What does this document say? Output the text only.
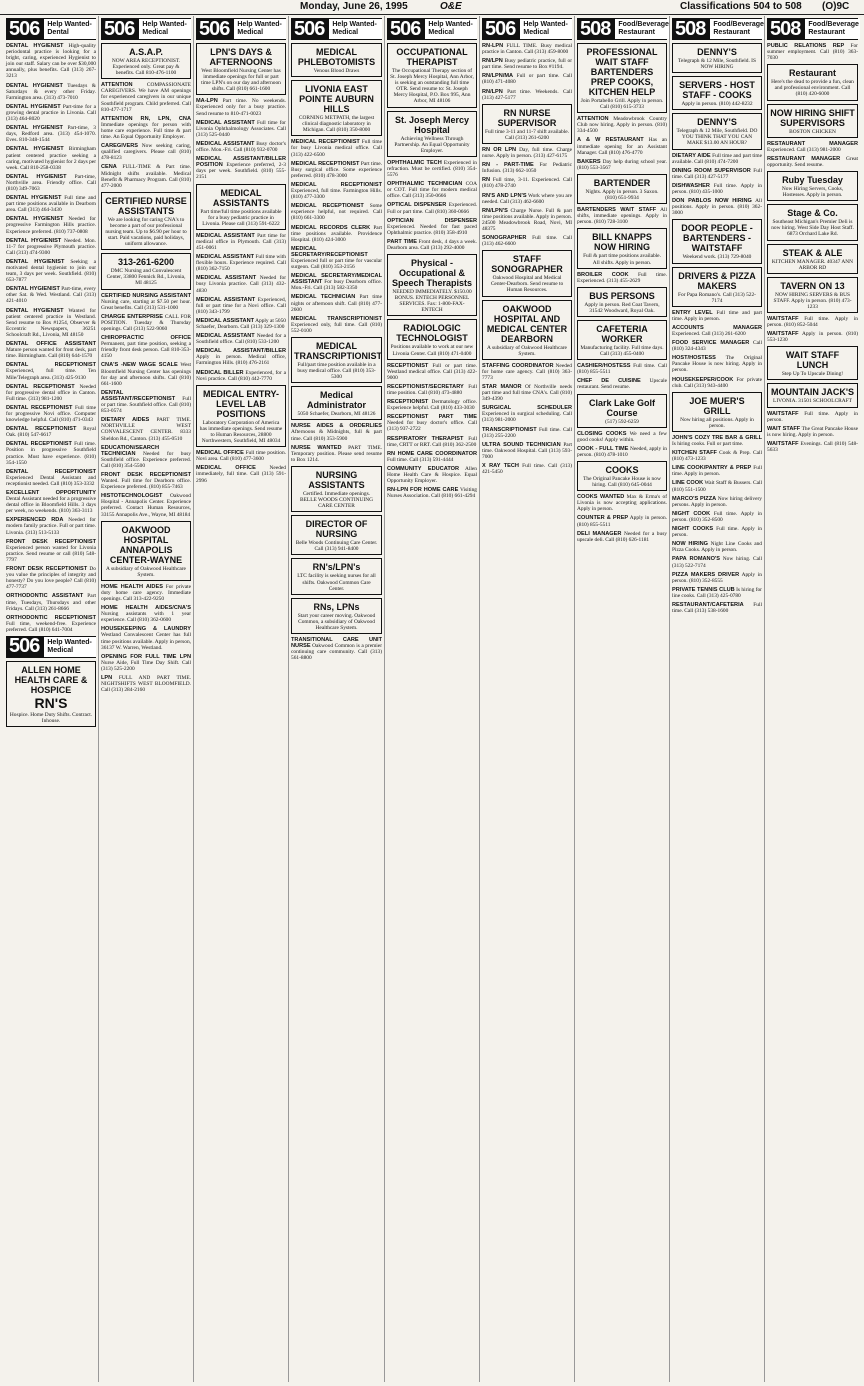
Monday, June 26, 1995	O&E	Classifications 504 to 508 (O)9C
506	Help Wanted-Dental
DENTAL HYGIENIST High-quality periodontal practice is looking for a bright, caring, experienced Hygienist to join our staff. Salary can be over $30,000 annually, plus benefits. Call (313) 267-3213
DENTAL HYGIENIST Tuesdays & Saturdays & every other Friday. Farmington area. (313) 473-7010
DENTAL HYGIENIST Part-time for a growing dental practice in Livonia. Call (313) 464-8020
DENTAL HYGIENIST Part-time, 3 days, Redford area. (313) 454-1070. Eves. 810-348-1544
DENTAL HYGIENIST Birmingham patient centered practice seeking a caring, motivated hygienist for 2 days per week. Call 810-258-0338
DENTAL HYGIENIST Part-time, Northville area. Friendly office. Call (810) 349-7063
DENTAL HYGIENIST Full time and part time positions available in Dearborn area. Call (313) 464-3430
DENTAL HYGIENIST Needed for progressive Farmington Hills practice. Experience preferred. (810) 737-0808
DENTAL HYGIENIST Needed. Mon. 11-7 for progressive Plymouth practice. Call (313) 474-9300
DENTAL HYGIENIST Seeking a motivated dental hygienist to join our team, 3 days per week. Southfield. (810) 653-7877
DENTAL HYGIENIST Part-time, every other Sat. & Wed. Westland. Call (313) 421-4010
DENTAL HYGIENIST Wanted for patient centered practice in Westland. Send resume to Box #1254, Observer & Eccentric Newspapers, 36251 Schoolcraft Rd., Livonia, MI 48150
DENTAL OFFICE ASSISTANT Mature person wanted for front desk, part time. Birmingham. Call (810) 644-1570
DENTAL RECEPTIONIST Experienced, full time. Ten Mile/Telegraph area. (313) 425-9130
DENTAL RECEPTIONIST Needed for progressive dental office in Canton. Full time. (313) 981-1200
DENTAL RECEPTIONIST Full time for progressive Novi office. Computer knowledge helpful. Call (810) 471-0343
DENTAL RECEPTIONIST Royal Oak. (810) 547-6617
DENTAL RECEPTIONIST Full time. Position in progressive Southfield practice. Must have experience. (810) 354-1550
DENTAL RECEPTIONIST Experienced Dental Assistant and receptionist needed. Call (810) 353-3332
EXCELLENT OPPORTUNITY Dental Assistant needed for a progressive dental office in Bloomfield Hills. 3 days per week, no weekends. (810) 363-3113
EXPERIENCED RDA Needed for modern family practice. Full or part time. Livonia. (313) 513-5133
FRONT DESK RECEPTIONIST Experienced person wanted for Livonia practice. Send resume or call (810) 548-7797
FRONT DESK RECEPTIONIST Do you value the principles of integrity and honesty? Do you love people? Call (810) 477-7737
ORTHODONTIC ASSISTANT Part time, Tuesdays, Thursdays and other Fridays. Call (313) 261-8666
ORTHODONTIC RECEPTIONIST Full time, weekend-free. Experience preferred. Call (810) 641-7004
506	Help Wanted-Medical
ALLEN HOME HEALTH CARE & HOSPICE
RN'S
Hospice. Home Duty Shifts. Contract. Inhouse.
506	Help Wanted-Medical
A.S.A.P.
NOW AREA RECEPTIONIST. Experienced only. Great pay & benefits. Call 810-476-1100
ATTENTION	COMPASSIONATE CAREGIVERS. We have AM openings for experienced caregivers in our unique Southfield program. Child preferred. Call 810-477-1717
ATTENTION RN, LPN, CNA Immediate openings for person with home care experience. Full time & part time. An Equal Opportunity Employer.
CAREGIVERS Now seeking caring, qualified caregivers. Please call (810) 478-8123
CENA FULL-TIME & Part time. Midnight shifts available. Medical Benefit & Pharmacy Program. Call (810) 477-2000
CERTIFIED NURSE ASSISTANTS
We are looking for caring CNA's to become a part of our professional nursing team. Up to $6.90 per hour to start. Paid vacations, paid holidays, uniform allowance.
313-261-6200
DMC Nursing and Convalescent Center, 33800 Fennick Rd., Livonia, MI 48125
CERTIFIED NURSING ASSISTANT Nursing care, starting at $7.50 per hour. Great benefits. Call (313) 531-1000
CHARGE ENTERPRISE CALL FOR POSITION. Tuesday & Thursday openings. Call (313) 522-9060
CHIROPRACTIC OFFICE Permanent, part time position, seeking a friendly front desk person. Call 810-353-4150
CNA'S -NEW WAGE SCALE West Bloomfield Nursing Center has openings for day and afternoon shifts. Call (810) 661-1600
DENTAL ASSISTANT/RECEPTIONIST Full or part time. Southfield office. Call (810) 853-0574
DIETARY AIDES PART TIME. NORTHVILLE WEST CONVALESCENT CENTER. 8333 Sheldon Rd., Canton. (313) 455-0510
EDUCATION/SEARCH TECHNICIAN Needed for busy Southfield office. Experience preferred. Call (810) 354-5500
FRONT DESK RECEPTIONIST Wanted. Full time for Dearborn office. Experience preferred. (810) 855-7463
HISTOTECHNOLOGIST Oakwood Hospital - Annapolis Center. Experience preferred. Contact Human Resources, 33155 Annapolis Ave., Wayne, MI 48184
OAKWOOD HOSPITAL ANNAPOLIS CENTER-WAYNE
A subsidiary of Oakwood Healthcare System.
HOME HEALTH AIDES For private duty home care agency. Immediate openings. Call 313-422-9250
HOME HEALTH AIDES/CNA'S Nursing assistants with 1 year experience. Call (810) 362-0600
HOUSEKEEPING & LAUNDRY Westland Convalescent Center has full time positions available. Apply in person, 36137 W. Warren, Westland.
OPENING FOR FULL TIME LPN Nurse Aide, Full Time Day Shift. Call (313) 525-2200
LPN FULL AND PART TIME. NIGHTSHIFTS WEST BLOOMFIELD. Call (313) 284-2160
506	Help Wanted-Medical
LPN'S DAYS & AFTERNOONS
West Bloomfield Nursing Center has immediate openings for full or part time LPN's on our day and afternoon shifts. Call (810) 661-1600
MA-LPN Part time. No weekends. Experienced only for a busy practice. Send resume to 810-471-0023
MEDICAL ASSISTANT Full time for Livonia Ophthalmology Associates. Call (313) 525-0440
MEDICAL ASSISTANT Busy doctor's office. Mon.-Fri. Call (810) 932-0700
MEDICAL ASSISTANT/BILLER POSITION Experience preferred, 2-3 days per week. Southfield. (810) 555-2151
MEDICAL ASSISTANTS
Part time/full time positions available for a busy pediatric practice in Livonia. Please call (313) 591-6222
MEDICAL ASSISTANT Part time for medical office in Plymouth. Call (313) 451-0061
MEDICAL ASSISTANT Full time with flexible hours. Experience required. Call (810) 362-7150
MEDICAL ASSISTANT Needed for busy Livonia practice. Call (313) 432-4830
MEDICAL ASSISTANT Experienced, full or part time for a Novi office. Call (810) 343-1799
MEDICAL ASSISTANT Apply at 5050 Schaefer, Dearborn. Call (313) 329-1300
MEDICAL ASSISTANT Needed for a Southfield office. Call (810) 533-1200
MEDICAL ASSISTANT/BILLER Apply in person. Medical office, Farmington Hills. (810) 476-2161
MEDICAL BILLER Experienced, for a Novi practice. Call (810) 442-7770
MEDICAL ENTRY-LEVEL LAB POSITIONS
Laboratory Corporation of America has immediate openings. Send resume to Human Resources, 28800 Northwestern, Southfield, MI 48034
MEDICAL OFFICE Full time position. Novi area. Call (810) 477-3600
MEDICAL OFFICE	Needed immediately, full time. Call (313) 591-2996
506	Help Wanted-Medical
MEDICAL PHLEBOTOMISTS
Venous Blood Draws
LIVONIA EAST POINTE AUBURN HILLS
CORNING METPATH, the largest clinical diagnostic laboratory in Michigan. Call (810) 350-8000
MEDICAL RECEPTIONIST Full time for busy Livonia medical office. Call (313) 422-6500
MEDICAL RECEPTIONIST Part time. Busy surgical office. Some experience preferred. (810) 478-3000
MEDICAL RECEPTIONIST Experienced, full time. Farmington Hills. (810) 477-3300
MEDICAL RECEPTIONIST Some experience helpful, not required. Call (810) 661-3300
MEDICAL RECORDS CLERK Part time positions available. Providence Hospital. (810) 424-3000
MEDICAL SECRETARY/RECEPTIONIST Experienced full or part time for vascular surgeon. Call (810) 353-2156
MEDICAL SECRETARY/MEDICAL ASSISTANT For busy Dearborn office. Mon.-Fri. Call (313) 582-3350
MEDICAL TECHNICIAN Part time nights or afternoon shift. Call (810) 477-2600
MEDICAL TRANSCRIPTIONIST Experienced only, full time. Call (810) 552-0100
MEDICAL TRANSCRIPTIONIST
Full/part time position available in a busy medical office. Call (810) 353-5300
Medical Administrator
5050 Schaefer, Dearborn, MI 48126
NURSE AIDES & ORDERLIES Afternoons & Midnights, full & part time. Call (810) 353-5900
NURSE WANTED PART TIME. Temporary position. Please send resume to Box 1214.
NURSING ASSISTANTS
Certified. Immediate openings. BELLE WOODS CONTINUING CARE CENTER
DIRECTOR OF NURSING
Belle Woods Continuing Care Center. Call (313) 941-8400
RN's/LPN's
LTC facility is seeking nurses for all shifts. Oakwood Common Care Center.
RNs, LPNs
Start your career moving. Oakwood Common, a subsidiary of Oakwood Healthcare System.
TRANSITIONAL CARE UNIT NURSE Oakwood Common is a premier continuing care community. Call (313) 561-8800
506	Help Wanted-Medical
OCCUPATIONAL THERAPIST
The Occupational Therapy section of St. Joseph Mercy Hospital, Ann Arbor, is seeking an outstanding full time OTR. Send resume to: St. Joseph Mercy Hospital, P.O. Box 995, Ann Arbor, MI 48106
St. Joseph Mercy Hospital
Achieving Wellness Through Partnership. An Equal Opportunity Employer.
OPHTHALMIC TECH Experienced in refraction. Must be certified. (810) 354-5576
OPHTHALMIC TECHNICIAN COA or COT. Full time for modern medical office. Call (313) 350-0666
OPTICAL DISPENSER Experienced. Full or part time. Call (810) 360-0666
OPTICIAN DISPENSER Experienced. Needed for fast paced Ophthalmic practice. (810) 358-4910
PART TIME Front desk, 4 days a week. Dearborn area. Call (313) 292-4000
Physical - Occupational & Speech Therapists
NEEDED IMMEDIATELY. $150.00 BONUS. ENTECH PERSONNEL SERVICES. Fax: 1-800-FAX-ENTECH
RADIOLOGIC TECHNOLOGIST
Positions available to work at our new Livonia Center. Call (810) 471-0400
RECEPTIONIST Full or part time. Westland medical office. Call (313) 422-9000
RECEPTIONIST/SECRETARY Full time position. Call (810) 473-4880
RECEPTIONIST Dermatology office. Experience helpful. Call (810) 433-3030
RECEPTIONIST PART TIME Needed for busy doctor's office. Call (313) 937-2722
RESPIRATORY THERAPIST Full time, CRTT or RRT. Call (810) 362-2500
RN HOME CARE COORDINATOR Full time. Call (313) 591-4444
COMMUNITY EDUCATOR Allen Home Health Care & Hospice. Equal Opportunity Employer.
RN-LPN FOR HOME CARE Visiting Nurses Association. Call (810) 661-4294
506	Help Wanted-Medical
RN-LPN FULL TIME. Busy medical practice in Canton. Call (313) 459-8000
RN/LPN Busy pediatric practice, full or part time. Send resume to Box #1194.
RN/LPN/MA Full or part time. Call (810) 471-4080
RN/LPN Part time. Weekends. Call (313) 427-5177
RN NURSE SUPERVISOR
Full time 3-11 and 11-7 shift available. Call (313) 261-6200
RN OR LPN Day, full time. Charge nurse. Apply in person. (313) 427-6175
RN - PART-TIME For Pediatric Infusion. (313) 662-1050
RN Full time, 3-11. Experienced. Call (810) 478-2740
RN'S AND LPN'S Work where you are needed. Call (313) 462-6600
RN/LPN'S Charge Nurse. Full & part time positions available. Apply in person. 24500 Meadowbrook Road, Novi, MI 48375
SONOGRAPHER Full time. Call (313) 462-6600
STAFF SONOGRAPHER
Oakwood Hospital and Medical Center-Dearborn. Send resume to Human Resources.
OAKWOOD HOSPITAL AND MEDICAL CENTER DEARBORN
A subsidiary of Oakwood Healthcare System.
STAFFING COORDINATOR Needed for home care agency. Call (810) 363-7773
STAR MANOR Of Northville needs part time and full time CNA's. Call (810) 349-4390
SURGICAL SCHEDULER Experienced in surgical scheduling. Call (313) 981-2000
TRANSCRIPTIONIST Full time. Call (313) 255-2200
ULTRA SOUND TECHNICIAN Part time. Oakwood Hospital. Call (313) 593-7000
X RAY TECH Full time. Call (313) 421-5450
508	Food/Beverage Restaurant
PROFESSIONAL WAIT STAFF BARTENDERS PREP COOKS, KITCHEN HELP
Join Portabello Grill. Apply in person. Call (810) 615-3733
ATTENTION Meadowbrook Country Club now hiring. Apply in person. (810) 334-4500
A & W RESTAURANT Has an immediate opening for an Assistant Manager. Call (810) 476-4770
BAKERS Day help during school year. (810) 553-3567
BARTENDER
Nights. Apply in person. 3 Saxon. (810) 651-9934
BARTENDERS WAIT STAFF All shifts, immediate openings. Apply in person. (810) 728-3100
BILL KNAPPS NOW HIRING
Full & part time positions available. All shifts. Apply in person.
BROILER COOK Full time. Experienced. (313) 455-2629
BUS PERSONS
Apply in person. Red Coat Tavern, 31542 Woodward, Royal Oak.
CAFETERIA WORKER
Manufacturing facility. Full time days. Call (313) 455-0400
CASHIER/HOSTESS Full time. Call (810) 855-5511
CHEF DE CUISINE Upscale restaurant. Send resume.
Clark Lake Golf Course
(517) 592-6259
CLOSING COOKS We need a few good cooks! Apply within.
COOK - FULL TIME Needed, apply in person. (810) 478-1010
COOKS
The Original Pancake House is now hiring. Call (810) 645-0044
COOKS WANTED Max & Erma's of Livonia is now accepting applications. Apply in person.
COUNTER & PREP Apply in person. (810) 855-5511
DELI MANAGER Needed for a busy upscale deli. Call (810) 626-1181
508	Food/Beverage Restaurant
DENNY'S
Telegraph & 12 Mile, Southfield. IS NOW HIRING
SERVERS - HOST STAFF - COOKS
Apply in person. (810) 442-8232
DENNY'S
Telegraph & 12 Mile, Southfield. DO YOU THINK THAT YOU CAN MAKE $13.00 AN HOUR?
DIETARY AIDE Full time and part time available. Call (810) 474-7200
DINING ROOM SUPERVISOR Full time. Call (313) 427-5177
DISHWASHER Full time. Apply in person. (810) 435-1000
DON PABLOS NOW HIRING All positions. Apply in person. (810) 362-3000
DOOR PEOPLE - BARTENDERS - WAITSTAFF
Weekend work. (313) 729-8040
DRIVERS & PIZZA MAKERS
For Papa Romano's. Call (313) 522-7174
ENTRY LEVEL Full time and part time. Apply in person.
ACCOUNTS MANAGER Experienced. Call (313) 261-6200
FOOD SERVICE MANAGER Call (810) 324-4343
HOST/HOSTESS The Original Pancake House is now hiring. Apply in person.
HOUSEKEEPER/COOK For private club. Call (313) 943-4400
JOE MUER'S GRILL
Now hiring all positions. Apply in person.
JOHN'S COZY TRE BAR & GRILL Is hiring cooks. Full or part time.
KITCHEN STAFF Cook & Prep. Call (810) 473-1233
LINE COOK/PANTRY & PREP Full time. Apply in person.
LINE COOK Wait Staff & Bussers. Call (810) 551-1500
MARCO'S PIZZA Now hiring delivery persons. Apply in person.
NIGHT COOK Full time. Apply in person. (810) 352-8500
NIGHT COOKS Full time. Apply in person.
NOW HIRING Night Line Cooks and Pizza Cooks. Apply in person.
PAPA ROMANO'S Now hiring. Call (313) 522-7174
PIZZA MAKERS DRIVER Apply in person. (810) 352-8555
PRIVATE TENNIS CLUB Is hiring for line cooks. Call (313) 425-0780
RESTAURANT/CAFETERIA Full time. Call (313) 538-1600
508	Food/Beverage Restaurant
PUBLIC RELATIONS REP For summer employment. Call (810) 363-7030
Restaurant
Here's the dead to provide a fun, clean and professional environment. Call (810) 420-6000
NOW HIRING SHIFT SUPERVISORS
BOSTON CHICKEN
RESTAURANT MANAGER Experienced. Call (313) 981-2000
RESTAURANT MANAGER Great opportunity. Send resume.
Ruby Tuesday
Now Hiring Servers, Cooks, Hostesses. Apply in person.
Stage & Co.
Southeast Michigan's Premier Deli is now hiring. West Side Day Host Staff. 6873 Orchard Lake Rd.
STEAK & ALE
KITCHEN MANAGER. 40347 ANN ARBOR RD
TAVERN ON 13
NOW HIRING SERVERS & BUS STAFF. Apply in person. (810) 473-1233
WAITSTAFF Full time. Apply in person. (810) 852-5044
WAITSTAFF Apply in person. (810) 553-1230
WAIT STAFF LUNCH
Step Up To Upscale Dining!
MOUNTAIN JACK'S
LIVONIA. 31501 SCHOOLCRAFT
WAITSTAFF Full time. Apply in person.
WAIT STAFF The Great Pancake House is now hiring. Apply in person.
WAITSTAFF Evenings. Call (810) 548-5633
